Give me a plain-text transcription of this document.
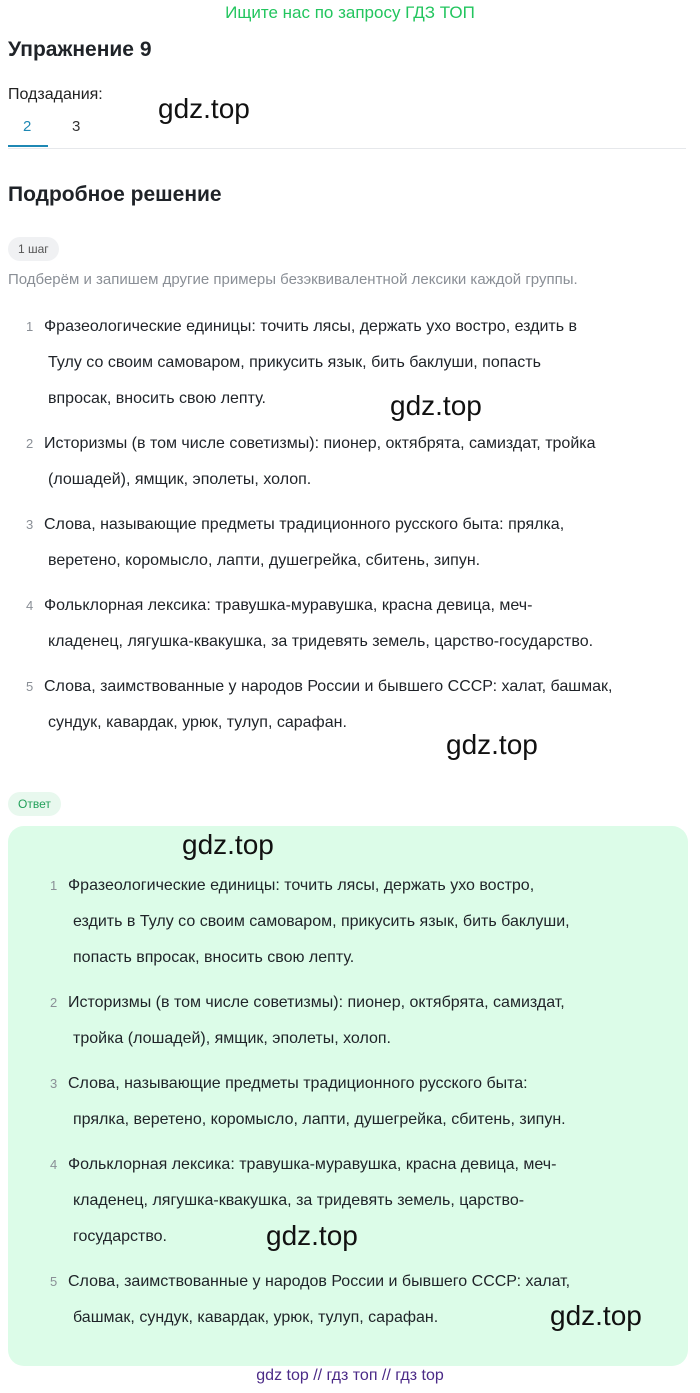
Ищите нас по запросу ГДЗ ТОП
Упражнение 9
Подзадания: gdz.top
2	3
Подробное решение
1 шаг
Подберём и запишем другие примеры безэквивалентной лексики каждой группы.
1 Фразеологические единицы: точить лясы, держать ухо востро, ездить в
Тулу со своим самоваром, прикусить язык, бить баклуши, попасть
впросак, вносить свою лепту.	gdz.top
2 Историзмы (в том числе советизмы): пионер, октябрята, самиздат, тройка
(лошадей), ямщик, эполеты, холоп.
3 Слова, называющие предметы традиционного русского быта: прялка,
веретено, коромысло, лапти, душегрейка, сбитень, зипун.
4 Фольклорная лексика: травушка-муравушка, красна девица, меч-
кладенец, лягушка-квакушка, за тридевять земель, царство-государство.
5 Слова, заимствованные у народов России и бывшего СССР: халат, башмак,
сундук, кавардак, урюк, тулуп, сарафан.
gdz.top
Ответ
gdz.top
1 Фразеологические единицы: точить лясы, держать ухо востро,
ездить в Тулу со своим самоваром, прикусить язык, бить баклуши,
попасть впросак, вносить свою лепту.
2 Историзмы (в том числе советизмы): пионер, октябрята, самиздат,
тройка (лошадей), ямщик, эполеты, холоп.
3 Слова, называющие предметы традиционного русского быта:
прялка, веретено, коромысло, лапти, душегрейка, сбитень, зипун.
4 Фольклорная лексика: травушка-муравушка, красна девица, меч-
кладенец, лягушка-квакушка, за тридевять земель, царство-
государство.	gdz.top
5 Слова, заимствованные у народов России и бывшего СССР: халат,
башмак, сундук, кавардак, урюк, тулуп, сарафан.	gdz.top
gdz top // гдз топ // гдз top
